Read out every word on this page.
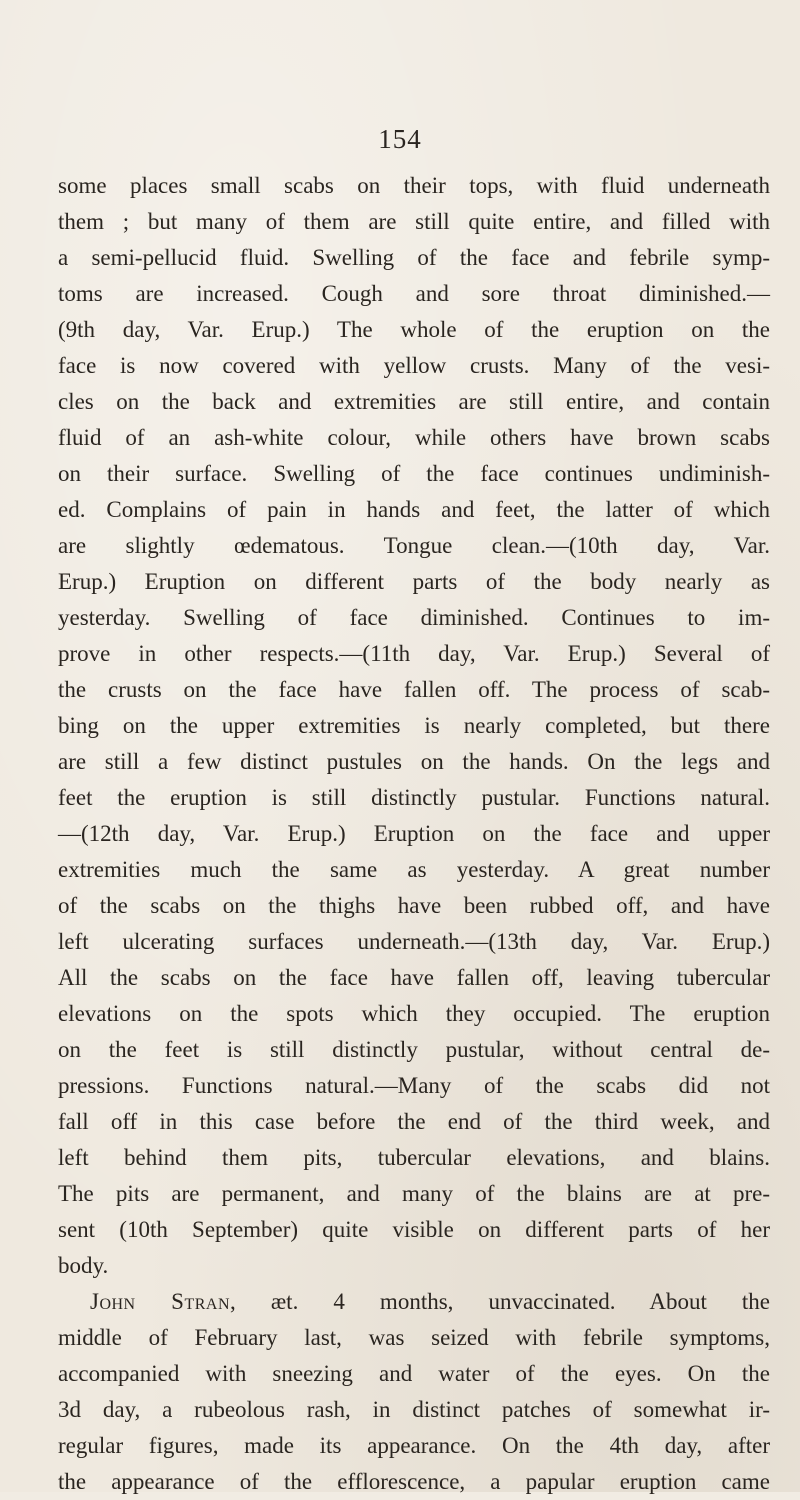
154
some places small scabs on their tops, with fluid underneath
them ; but many of them are still quite entire, and filled with
a semi-pellucid fluid. Swelling of the face and febrile symp-
toms are increased. Cough and sore throat diminished.—
(9th day, Var. Erup.) The whole of the eruption on the
face is now covered with yellow crusts. Many of the vesi-
cles on the back and extremities are still entire, and contain
fluid of an ash-white colour, while others have brown scabs
on their surface. Swelling of the face continues undiminish-
ed. Complains of pain in hands and feet, the latter of which
are slightly œdematous. Tongue clean.—(10th day, Var.
Erup.) Eruption on different parts of the body nearly as
yesterday. Swelling of face diminished. Continues to im-
prove in other respects.—(11th day, Var. Erup.) Several of
the crusts on the face have fallen off. The process of scab-
bing on the upper extremities is nearly completed, but there
are still a few distinct pustules on the hands. On the legs and
feet the eruption is still distinctly pustular. Functions natural.
—(12th day, Var. Erup.) Eruption on the face and upper
extremities much the same as yesterday. A great number
of the scabs on the thighs have been rubbed off, and have
left ulcerating surfaces underneath.—(13th day, Var. Erup.)
All the scabs on the face have fallen off, leaving tubercular
elevations on the spots which they occupied. The eruption
on the feet is still distinctly pustular, without central de-
pressions. Functions natural.—Many of the scabs did not
fall off in this case before the end of the third week, and
left behind them pits, tubercular elevations, and blains.
The pits are permanent, and many of the blains are at pre-
sent (10th September) quite visible on different parts of her
body.
John Stran, æt. 4 months, unvaccinated. About the
middle of February last, was seized with febrile symptoms,
accompanied with sneezing and water of the eyes. On the
3d day, a rubeolous rash, in distinct patches of somewhat ir-
regular figures, made its appearance. On the 4th day, after
the appearance of the efflorescence, a papular eruption came
